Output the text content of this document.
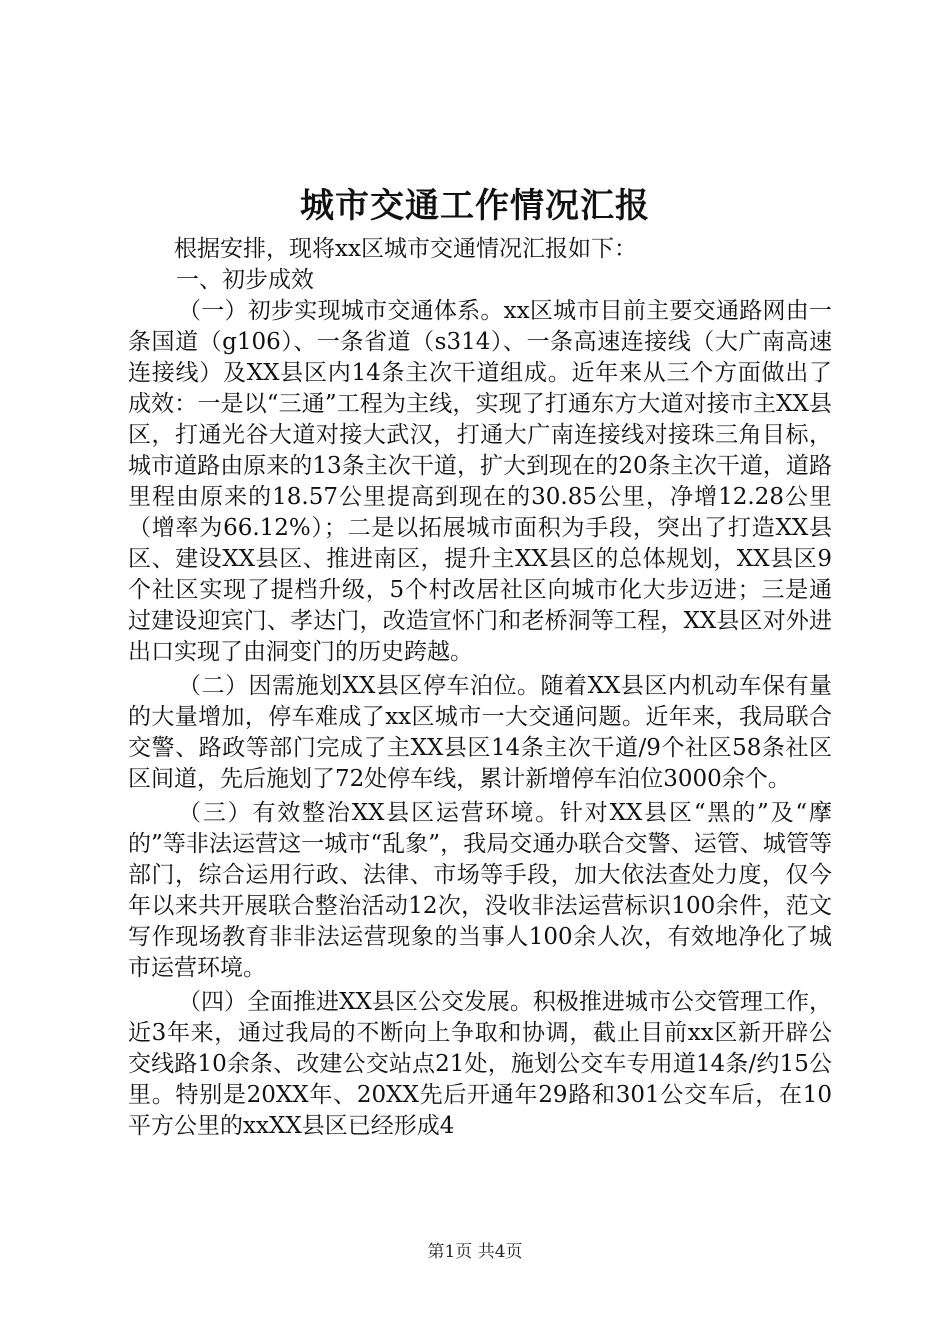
城市交通工作情况汇报

根据安排，现将xx区城市交通情况汇报如下：

一、初步成效

（一）初步实现城市交通体系。xx区城市目前主要交通路网由一条国道（g106）、一条省道（s314）、一条高速连接线（大广南高速连接线）及XX县区内14条主次干道组成。近年来从三个方面做出了成效：一是以“三通”工程为主线，实现了打通东方大道对接市主XX县区，打通光谷大道对接大武汉，打通大广南连接线对接珠三角目标，城市道路由原来的13条主次干道，扩大到现在的20条主次干道，道路里程由原来的18.57公里提高到现在的30.85公里，净增12.28公里（增率为66.12%）；二是以拓展城市面积为手段，突出了打造XX县区、建设XX县区、推进南区，提升主XX县区的总体规划，XX县区9个社区实现了提档升级，5个村改居社区向城市化大步迈进；三是通过建设迎宾门、孝达门，改造宣怀门和老桥洞等工程，XX县区对外进出口实现了由洞变门的历史跨越。

（二）因需施划XX县区停车泊位。随着XX县区内机动车保有量的大量增加，停车难成了xx区城市一大交通问题。近年来，我局联合交警、路政等部门完成了主XX县区14条主次干道/9个社区58条社区区间道，先后施划了72处停车线，累计新增停车泊位3000余个。

（三）有效整治XX县区运营环境。针对XX县区“黑的”及“摩的”等非法运营这一城市“乱象”，我局交通办联合交警、运管、城管等部门，综合运用行政、法律、市场等手段，加大依法查处力度，仅今年以来共开展联合整治活动12次，没收非法运营标识100余件，范文写作现场教育非非法运营现象的当事人100余人次，有效地净化了城市运营环境。

（四）全面推进XX县区公交发展。积极推进城市公交管理工作，近3年来，通过我局的不断向上争取和协调，截止目前xx区新开辟公交线路10余条、改建公交站点21处，施划公交车专用道14条/约15公里。特别是20XX年、20XX先后开通年29路和301公交车后，在10平方公里的xxXX县区已经形成4

第1页 共4页
